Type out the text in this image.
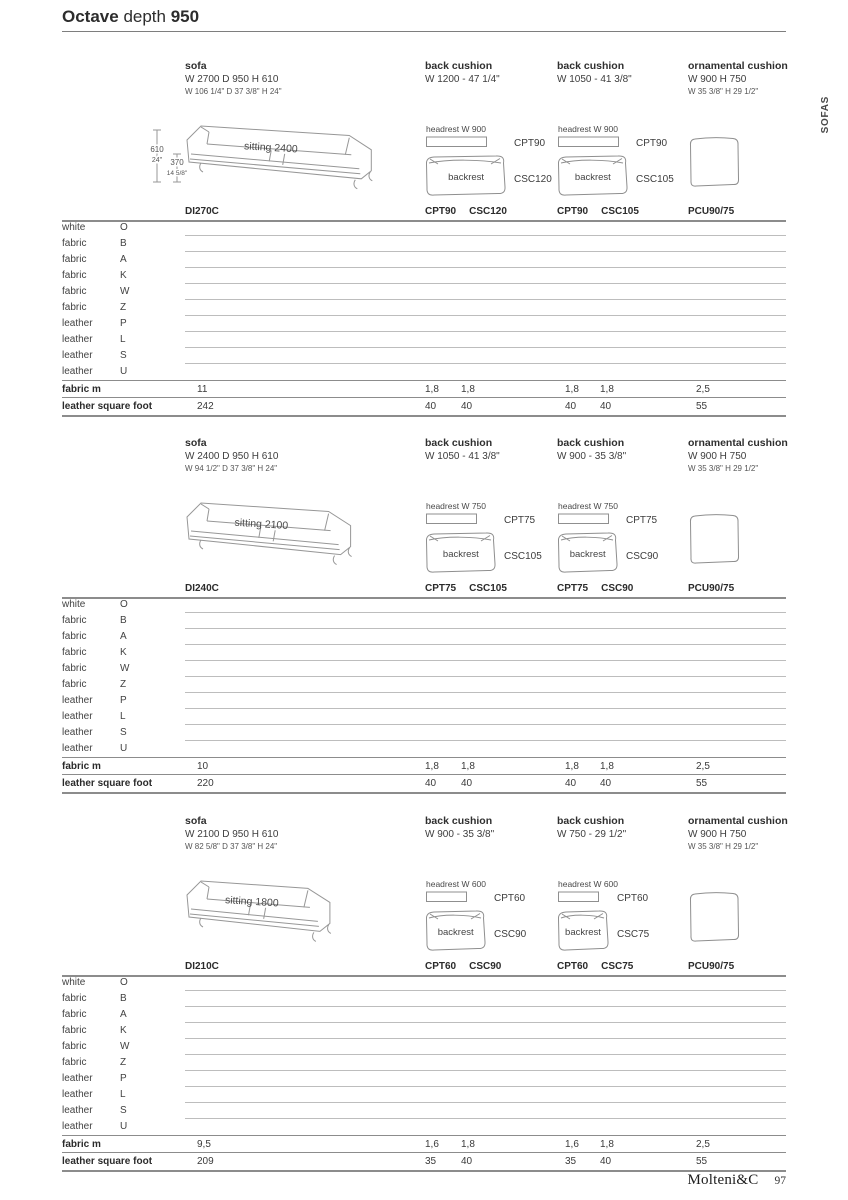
Octave depth 950
SOFAS
sofa
W 2700 D 950 H 610
W 106 1/4" D 37 3/8" H 24"
back cushion
W 1200 - 47 1/4"
back cushion
W 1050 - 41 3/8"
ornamental cushion
W 900 H 750
W 35 3/8" H 29 1/2"
sitting 2400
610
24" 370
14 5/8"
headrest W 900
CPT90
backrest	CSC120
headrest W 900
CPT90
backrest	CSC105
DI270C	CPT90 CSC120	CPT90 CSC105	PCU90/75
white	O
fabric	B
fabric	A
fabric	K
fabric	W
fabric	Z
leather	P
leather	L
leather	S
leather	U
fabric m	11	1,8 1,8	1,8 1,8	2,5
leather square foot	242	40 40	40 40	55
sofa
W 2400 D 950 H 610
W 94 1/2" D 37 3/8" H 24"
back cushion
W 1050 - 41 3/8"
back cushion
W 900 - 35 3/8"
ornamental cushion
W 900 H 750
W 35 3/8" H 29 1/2"
sitting 2100
headrest W 750
CPT75
backrest	CSC105
headrest W 750
CPT75
backrest CSC90
DI240C	CPT75 CSC105	CPT75 CSC90	PCU90/75
white	O
fabric	B
fabric	A
fabric	K
fabric	W
fabric	Z
leather	P
leather	L
leather	S
leather	U
fabric m	10	1,8 1,8	1,8 1,8	2,5
leather square foot	220	40 40	40 40	55
sofa
W 2100 D 950 H 610
W 82 5/8" D 37 3/8" H 24"
back cushion
W 900 - 35 3/8"
back cushion
W 750 - 29 1/2"
ornamental cushion
W 900 H 750
W 35 3/8" H 29 1/2"
sitting 1800
headrest W 600
CPT60
backrest CSC90
headrest W 600
CPT60
backrest CSC75
DI210C	CPT60 CSC90	CPT60 CSC75	PCU90/75
white	O
fabric	B
fabric	A
fabric	K
fabric	W
fabric	Z
leather	P
leather	L
leather	S
leather	U
fabric m	9,5	1,6 1,8	1,6 1,8	2,5
leather square foot	209	35 40	35 40	55
Molteni&C 97
